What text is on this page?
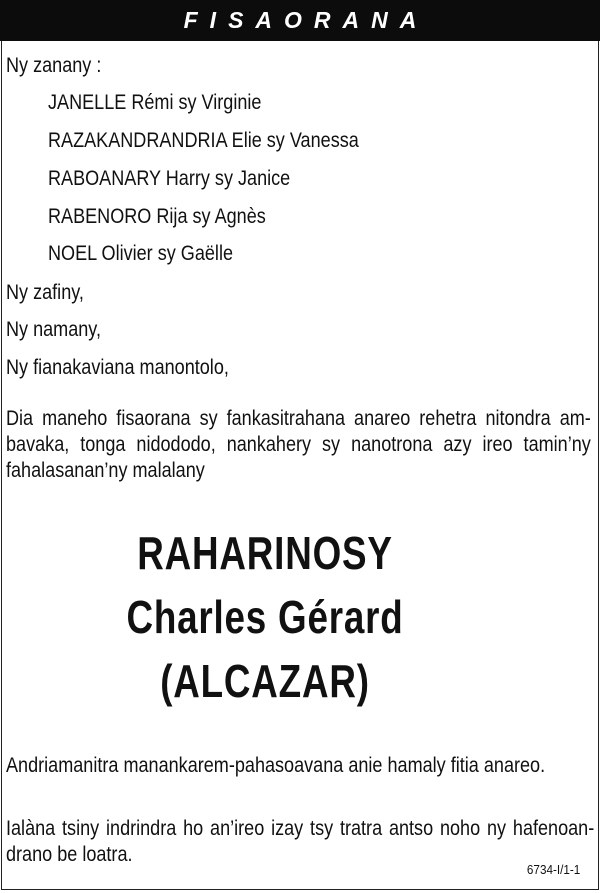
FISAORANA
Ny zanany :
JANELLE Rémi sy Virginie
RAZAKANDRANDRIA Elie sy Vanessa
RABOANARY Harry sy Janice
RABENORO Rija sy Agnès
NOEL Olivier sy Gaëlle
Ny zafiny,
Ny namany,
Ny fianakaviana manontolo,
Dia maneho fisaorana sy fankasitrahana anareo rehetra nitondra am-bavaka, tonga nidododo, nankahery sy nanotrona azy ireo tamin’ny fahalasanan’ny malalany
RAHARINOSY
Charles Gérard
(ALCAZAR)
Andriamanitra manankarem-pahasoavana anie hamaly fitia anareo.
Ialàna tsiny indrindra ho an’ireo izay tsy tratra antso noho ny hafenoan-drano be loatra.
6734-I/1-1
